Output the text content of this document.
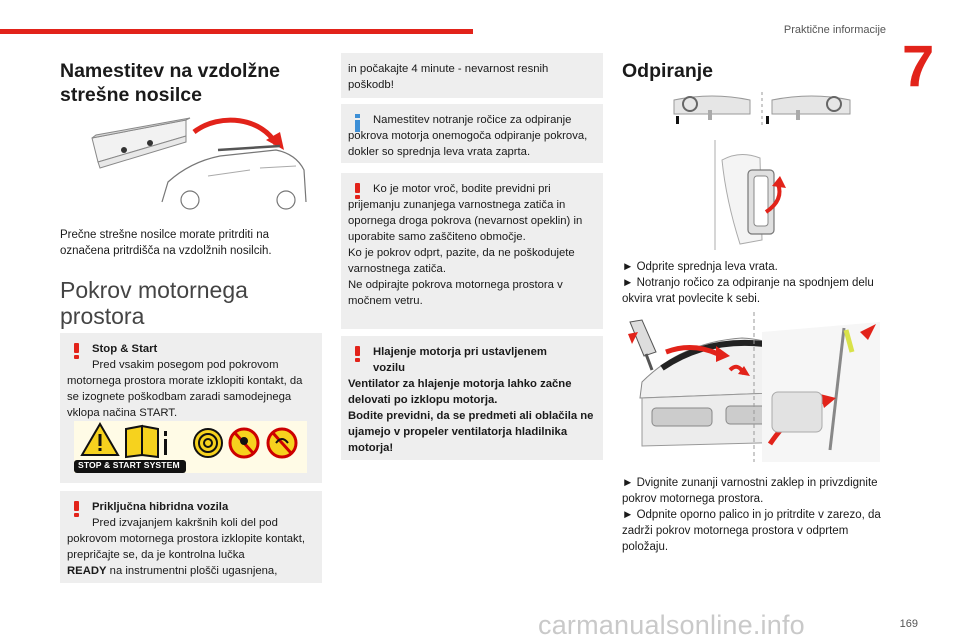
Praktične informacije
7
Namestitev na vzdolžne strešne nosilce
Prečne strešne nosilce morate pritrditi na označena pritrdišča na vzdolžnih nosilcih.
Pokrov motornega prostora

Stop & Start

Pred vsakim posegom pod pokrovom

motornega prostora morate izklopiti kontakt, da se izognete poškodbam zaradi samodejnega vklopa načina START.

STOP & START SYSTEM

Priključna hibridna vozila

Pred izvajanjem kakršnih koli del pod

pokrovom motornega prostora izklopite kontakt, prepričajte se, da je kontrolna lučka

READY na instrumentni plošči ugasnjena,

in počakajte 4 minute - nevarnost resnih poškodb!

Namestitev notranje ročice za odpiranje

pokrova motorja onemogoča odpiranje pokrova, dokler so sprednja leva vrata zaprta.

Ko je motor vroč, bodite previdni pri

prijemanju zunanjega varnostnega zatiča in opornega droga pokrova (nevarnost opeklin) in uporabite samo zaščiteno območje.

Ko je pokrov odprt, pazite, da ne poškodujete varnostnega zatiča.

Ne odpirajte pokrova motornega prostora v močnem vetru.

Hlajenje motorja pri ustavljenem

vozilu

Ventilator za hlajenje motorja lahko začne delovati po izklopu motorja.

Bodite previdni, da se predmeti ali oblačila ne ujamejo v propeler ventilatorja hladilnika motorja!

Odpiranje

► Odprite sprednja leva vrata.

► Notranjo ročico za odpiranje na spodnjem delu okvira vrat povlecite k sebi.

► Dvignite zunanji varnostni zaklep in privzdignite pokrov motornega prostora.

► Odpnite oporno palico in jo pritrdite v zarezo, da zadrži pokrov motornega prostora v odprtem položaju.

169
carmanualsonline.info
